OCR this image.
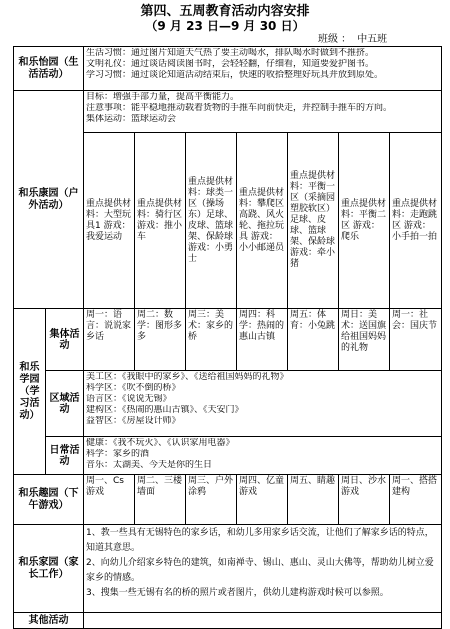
第四、五周教育活动内容安排
（9 月 23 日—9 月 30 日）
班级 ： 中五班
和乐怡园（生活活动）		生活习惯：通过图片知道天气热了要主动喝水，排队喝水时做到不推挤。
文明礼仪：通过谈话阅读图书时，会轻轻翻，仔细看，知道要爱护图书。
学习习惯：通过谈论知道活动结束后，快速的收拾整理好玩具并放到原处。						

和乐康园（户外活动）		目标：增强手部力量，提高平衡能力。
注意事项：能平稳地推动载着货物的手推车向前快走，并控制手推车的方向。
集体运动：篮球运动会						

		重点提供材料：大型玩具1 游戏：我爱运动	重点提供材料：骑行区 游戏：推小车	重点提供材料：球类一区（操场东）足球、皮球、篮球架、保龄球 游戏：小勇士	重点提供材料：攀爬区 高跷、风火轮、拖拉玩具 游戏：小小邮递员	重点提供材料：平衡一区（采摘园塑胶软区）足球、皮球、篮球架、保龄球 游戏：牵小猪	重点提供材料：平衡二区 游戏：爬乐	重点提供材料：走跑跳区 游戏：小手拍一拍
和乐学园（学习活动）	集体活动	周一：语言：说说家乡话	周二：数学：图形多多	周三：美术：家乡的桥	周四：科学：热闹的惠山古镇	周五：体育：小兔跳	周日：美术：送国旗给祖国妈妈的礼物	周一：社会：国庆节
	区域活动	美工区：《我眼中的家乡》、《送给祖国妈妈的礼物》
科学区：《吹不倒的桥》
语言区：《说说无锡》
建构区：《热闹的惠山古镇》、《天安门》
益智区：《房屋设计师》						

	日常活动	健康：《我不玩火》、《认识家用电器》
科学：家乡的酒
音乐：太湖美、今天是你的生日						

和乐趣园（下午游戏）		周一、Cs 游戏	周二、三楼墙面	周三、户外涂鸦	周四、亿童游戏	周五、睛趣	周日、沙水游戏	周一、搭搭建构
和乐家园（家长工作）		1、教一些具有无锡特色的家乡话，和幼儿多用家乡话交流，让他们了解家乡话的特点，知道其意思。
2、向幼儿介绍家乡特色的建筑，如南禅寺、锡山、惠山、灵山大佛等，帮助幼儿树立爱家乡的情感。
3、搜集一些无锡有名的桥的照片或者图片，供幼儿建构游戏时候可以参照。						

其他活动								
